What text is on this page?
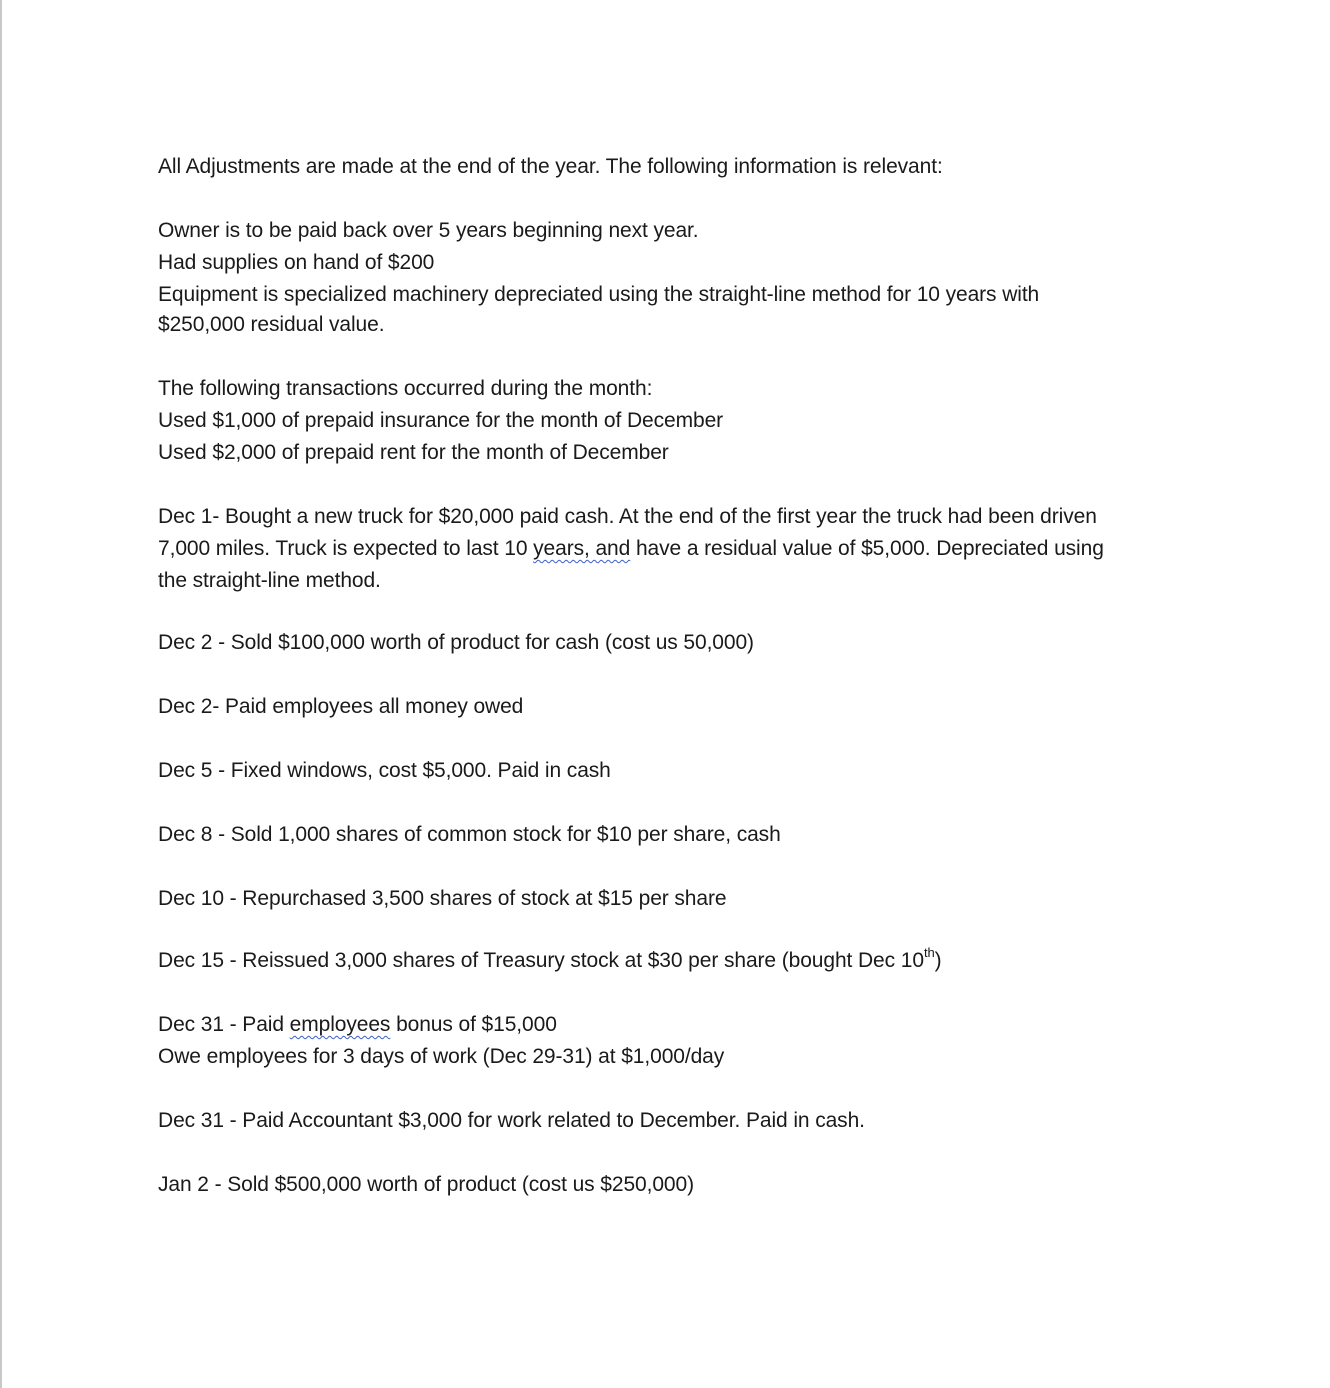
All Adjustments are made at the end of the year. The following information is relevant:
Owner is to be paid back over 5 years beginning next year.
Had supplies on hand of $200
Equipment is specialized machinery depreciated using the straight-line method for 10 years with
$250,000 residual value.
The following transactions occurred during the month:
Used $1,000 of prepaid insurance for the month of December
Used $2,000 of prepaid rent for the month of December
Dec 1- Bought a new truck for $20,000 paid cash. At the end of the first year the truck had been driven
7,000 miles. Truck is expected to last 10 years, and have a residual value of $5,000. Depreciated using
the straight-line method.
Dec 2 - Sold $100,000 worth of product for cash (cost us 50,000)
Dec 2- Paid employees all money owed
Dec 5 - Fixed windows, cost $5,000. Paid in cash
Dec 8 - Sold 1,000 shares of common stock for $10 per share, cash
Dec 10 - Repurchased 3,500 shares of stock at $15 per share
Dec 15 - Reissued 3,000 shares of Treasury stock at $30 per share (bought Dec 10th)
Dec 31 - Paid employees bonus of $15,000
Owe employees for 3 days of work (Dec 29-31) at $1,000/day
Dec 31 - Paid Accountant $3,000 for work related to December. Paid in cash.
Jan 2 - Sold $500,000 worth of product (cost us $250,000)
